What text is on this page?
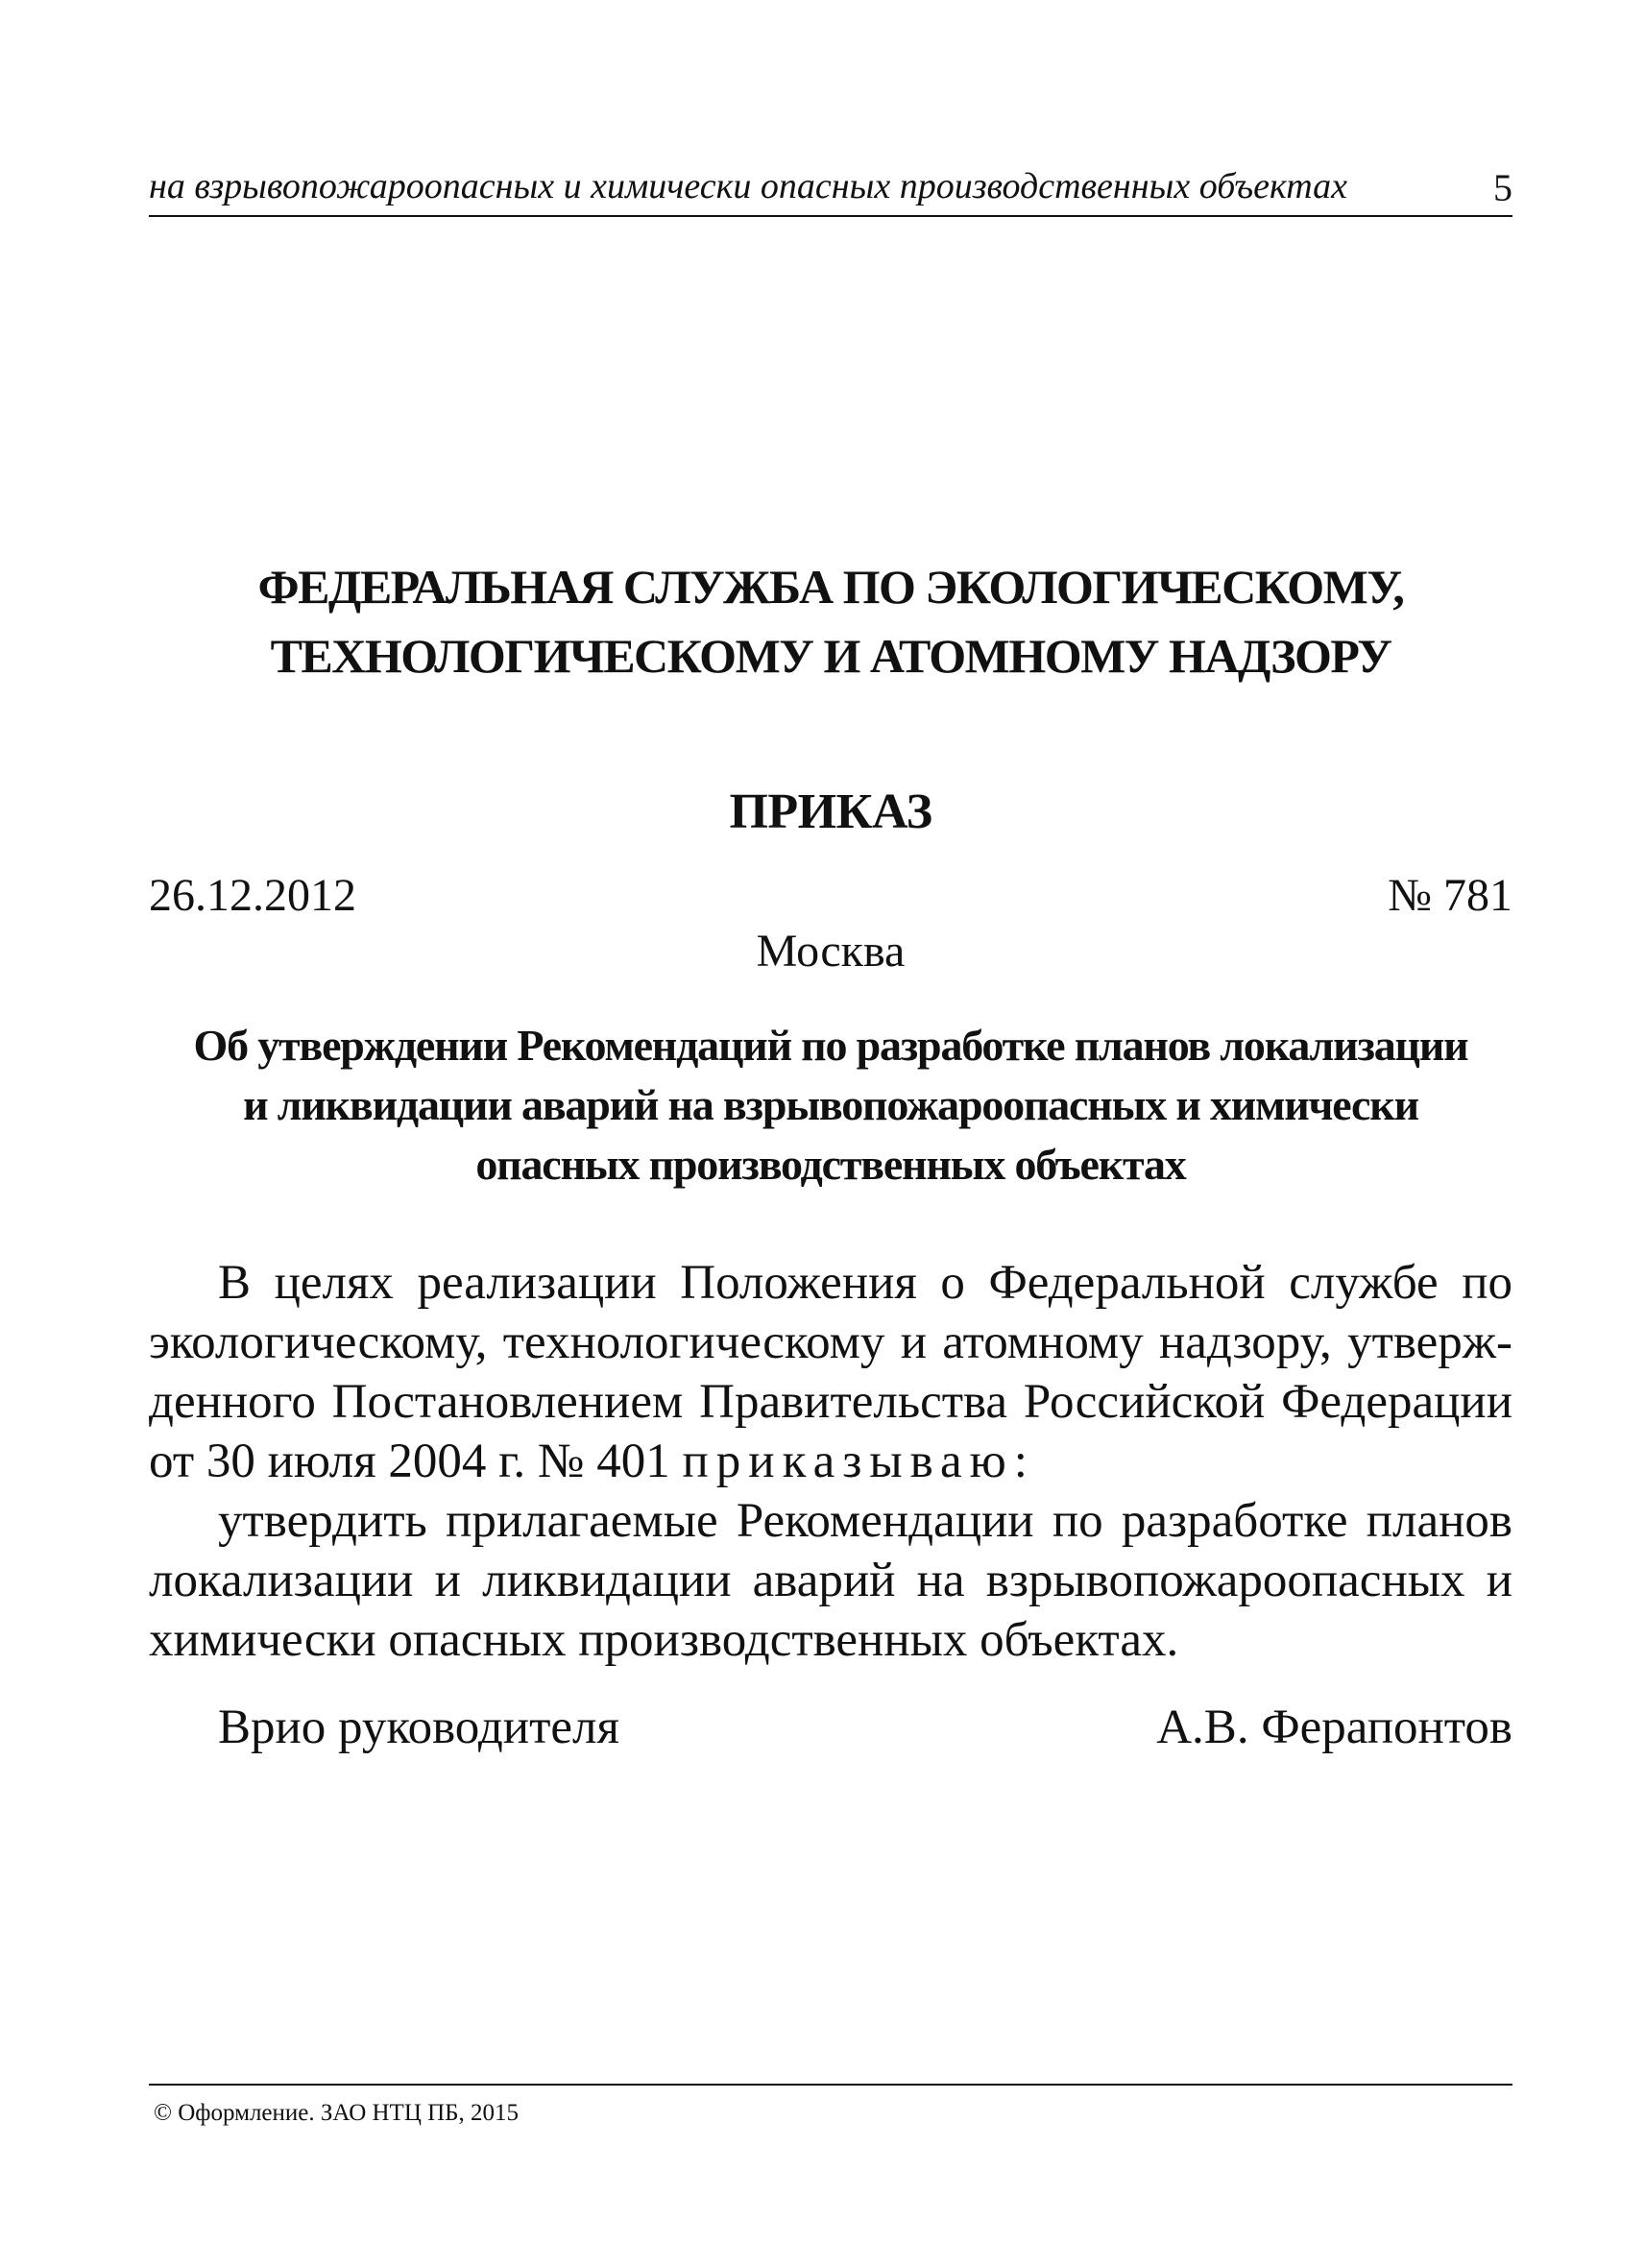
на взрывопожароопасных и химически опасных производственных объектах	5
ФЕДЕРАЛЬНАЯ СЛУЖБА ПО ЭКОЛОГИЧЕСКОМУ,
ТЕХНОЛОГИЧЕСКОМУ И АТОМНОМУ НАДЗОРУ
ПРИКАЗ
26.12.2012	№ 781
Москва
Об утверждении Рекомендаций по разработке планов локализации
и ликвидации аварий на взрывопожароопасных и химически
опасных производственных объектах
В целях реализации Положения о Федеральной службе по
экологическому, технологическому и атомному надзору, утверж-
денного Постановлением Правительства Российской Федерации
от 30 июля 2004 г. № 401 приказываю:
утвердить прилагаемые Рекомендации по разработке планов
локализации и ликвидации аварий на взрывопожароопасных и
химически опасных производственных объектах.
Врио руководителя	А.В. Ферапонтов
© Оформление. ЗАО НТЦ ПБ, 2015
